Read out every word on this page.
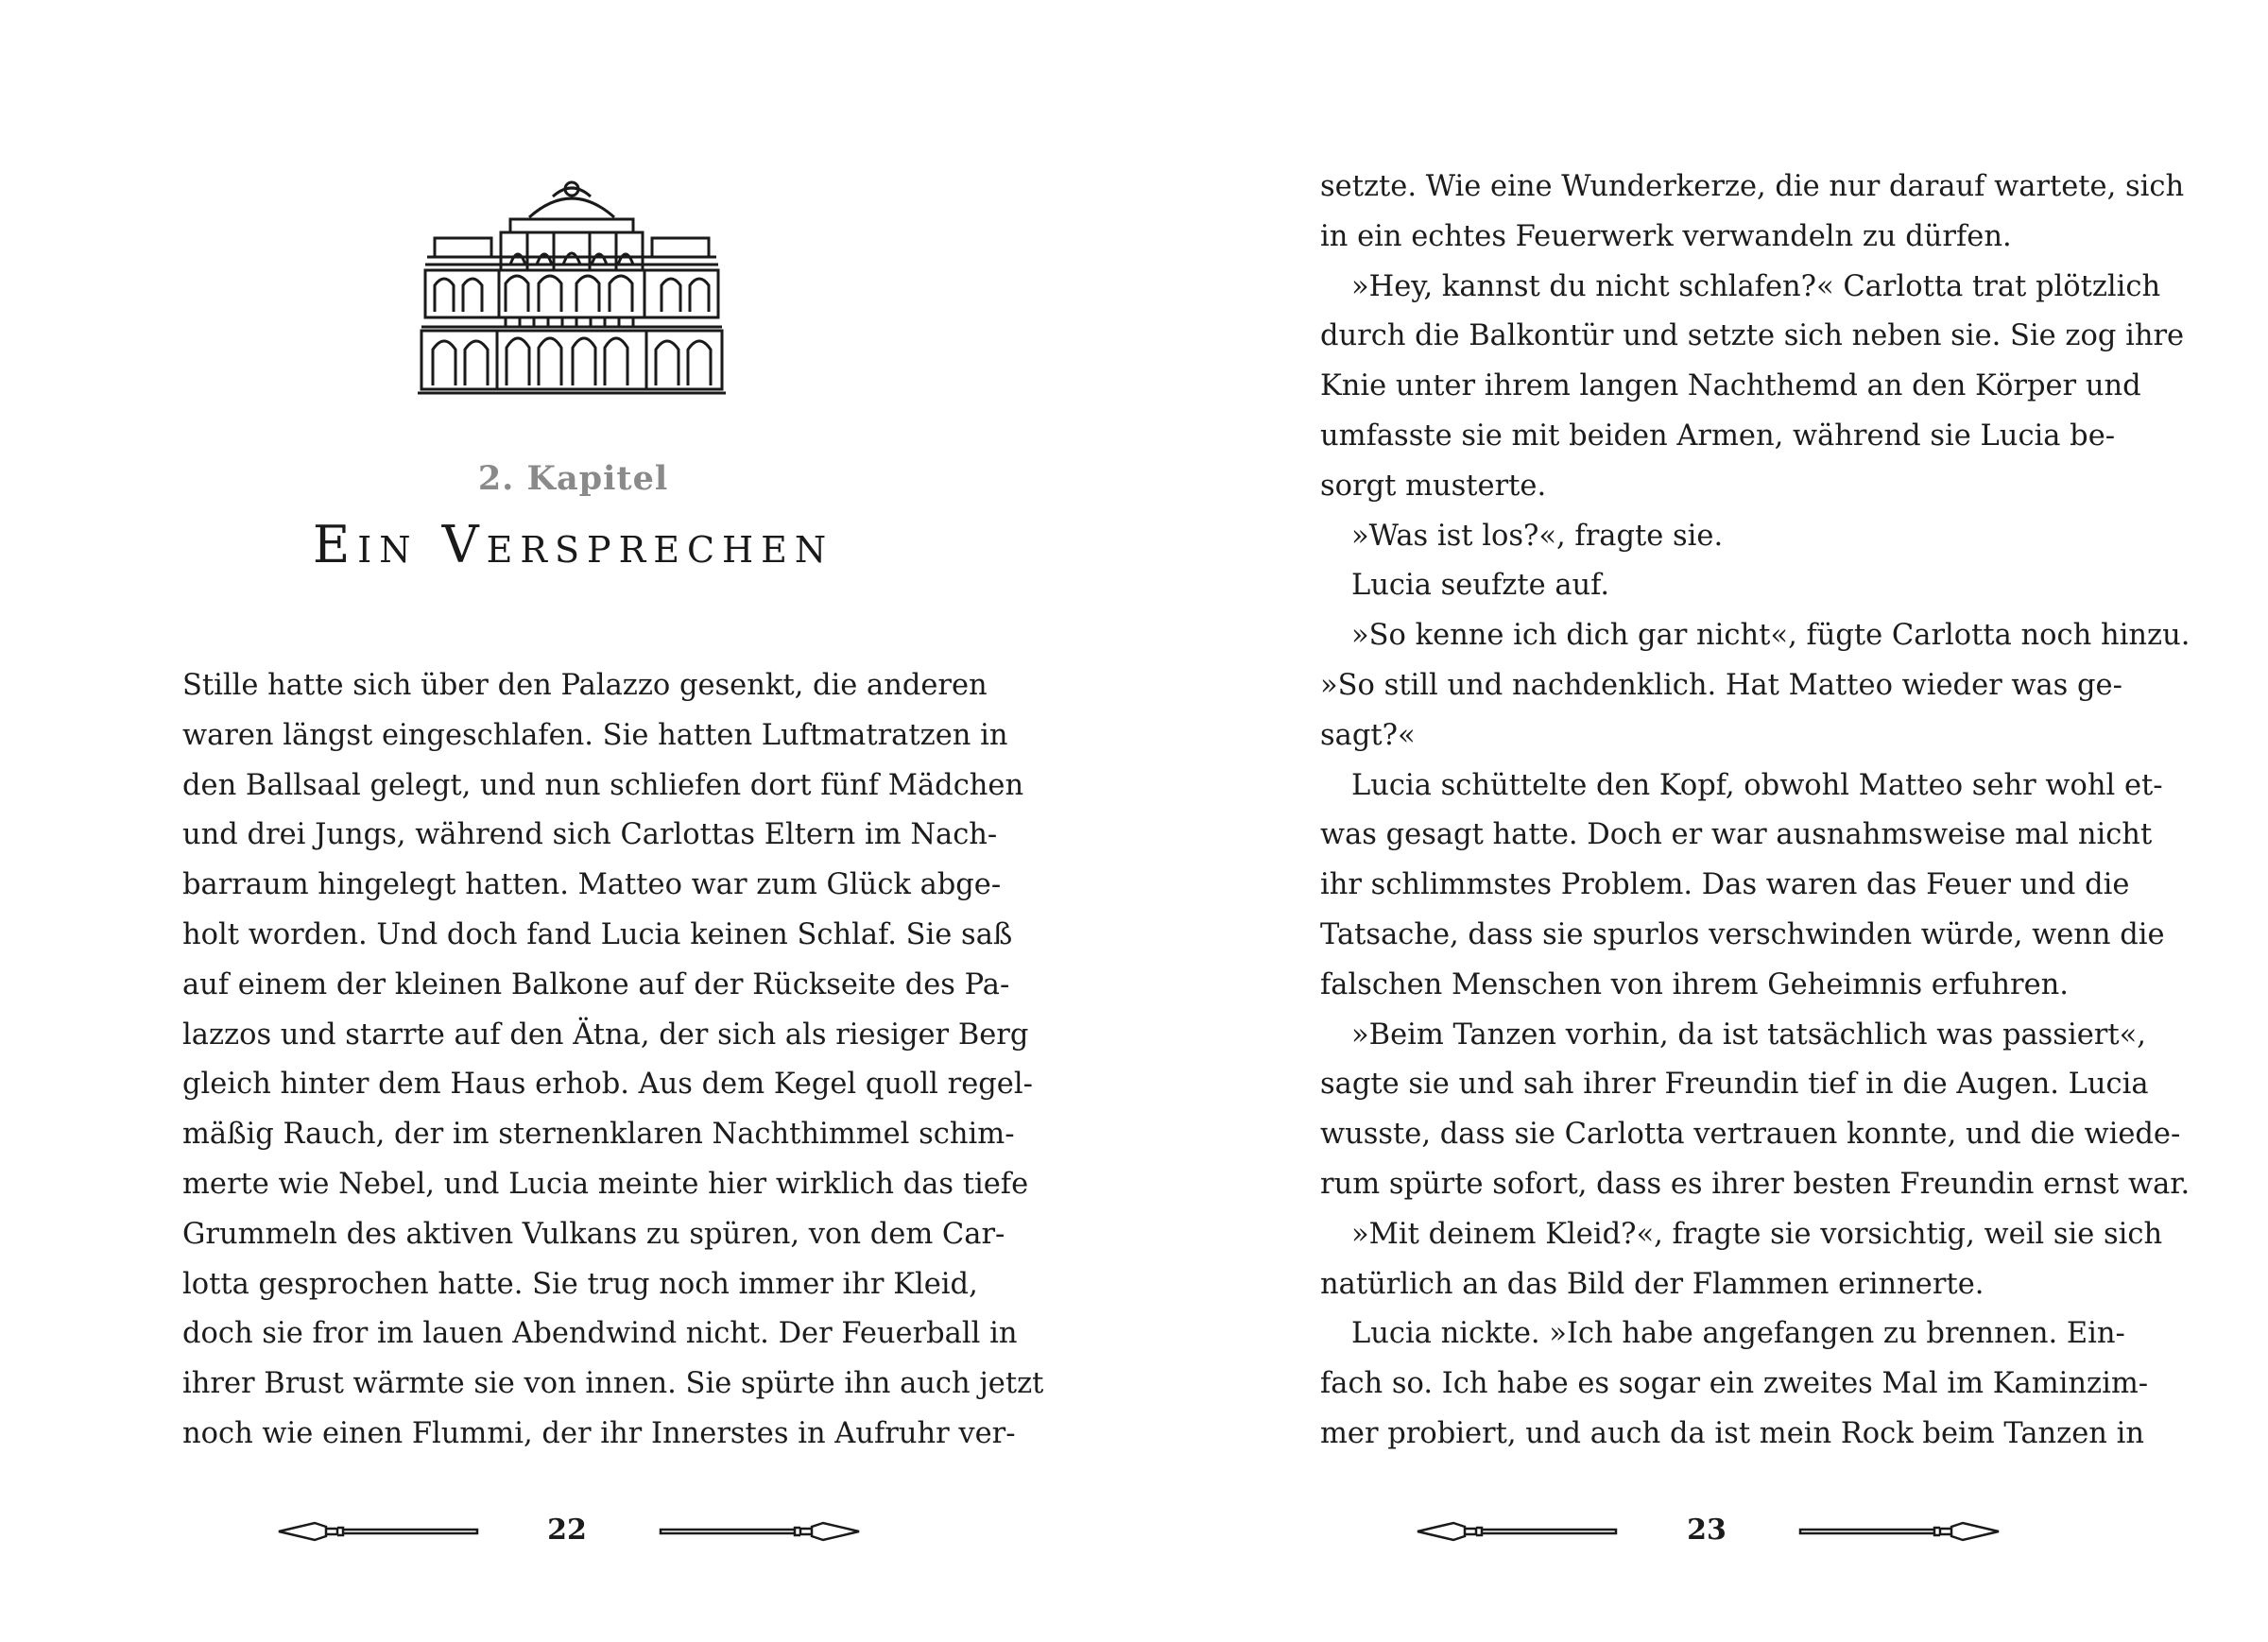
2. Kapitel
Ein Versprechen
Stille hatte sich über den Palazzo gesenkt, die anderen
waren längst eingeschlafen. Sie hatten Luftmatratzen in
den Ballsaal gelegt, und nun schliefen dort fünf Mädchen
und drei Jungs, während sich Carlottas Eltern im Nach-
barraum hingelegt hatten. Matteo war zum Glück abge-
holt worden. Und doch fand Lucia keinen Schlaf. Sie saß
auf einem der kleinen Balkone auf der Rückseite des Pa-
lazzos und starrte auf den Ätna, der sich als riesiger Berg
gleich hinter dem Haus erhob. Aus dem Kegel quoll regel-
mäßig Rauch, der im sternenklaren Nachthimmel schim-
merte wie Nebel, und Lucia meinte hier wirklich das tiefe
Grummeln des aktiven Vulkans zu spüren, von dem Car-
lotta gesprochen hatte. Sie trug noch immer ihr Kleid,
doch sie fror im lauen Abendwind nicht. Der Feuerball in
ihrer Brust wärmte sie von innen. Sie spürte ihn auch jetzt
noch wie einen Flummi, der ihr Innerstes in Aufruhr ver-
22
setzte. Wie eine Wunderkerze, die nur darauf wartete, sich
in ein echtes Feuerwerk verwandeln zu dürfen.
»Hey, kannst du nicht schlafen?« Carlotta trat plötzlich
durch die Balkontür und setzte sich neben sie. Sie zog ihre
Knie unter ihrem langen Nachthemd an den Körper und
umfasste sie mit beiden Armen, während sie Lucia be-
sorgt musterte.
»Was ist los?«, fragte sie.
Lucia seufzte auf.
»So kenne ich dich gar nicht«, fügte Carlotta noch hinzu.
»So still und nachdenklich. Hat Matteo wieder was ge-
sagt?«
Lucia schüttelte den Kopf, obwohl Matteo sehr wohl et-
was gesagt hatte. Doch er war ausnahmsweise mal nicht
ihr schlimmstes Problem. Das waren das Feuer und die
Tatsache, dass sie spurlos verschwinden würde, wenn die
falschen Menschen von ihrem Geheimnis erfuhren.
»Beim Tanzen vorhin, da ist tatsächlich was passiert«,
sagte sie und sah ihrer Freundin tief in die Augen. Lucia
wusste, dass sie Carlotta vertrauen konnte, und die wiede-
rum spürte sofort, dass es ihrer besten Freundin ernst war.
»Mit deinem Kleid?«, fragte sie vorsichtig, weil sie sich
natürlich an das Bild der Flammen erinnerte.
Lucia nickte. »Ich habe angefangen zu brennen. Ein-
fach so. Ich habe es sogar ein zweites Mal im Kaminzim-
mer probiert, und auch da ist mein Rock beim Tanzen in
23
